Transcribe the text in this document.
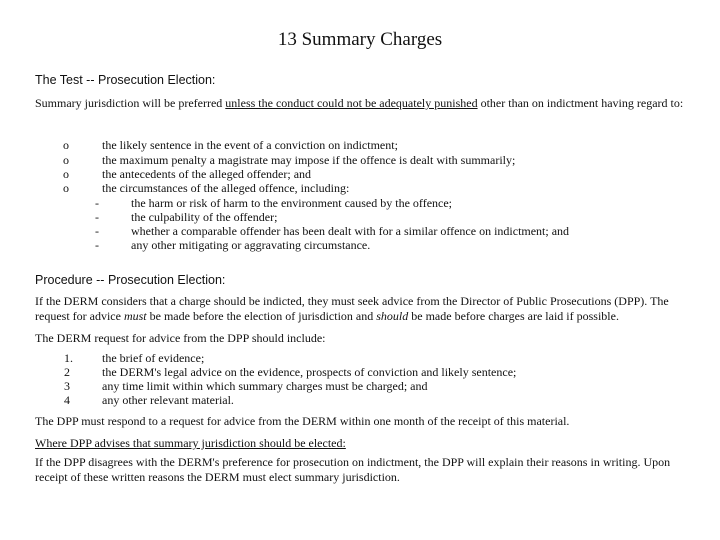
13 Summary Charges
The Test -- Prosecution Election:
Summary jurisdiction will be preferred unless the conduct could not be adequately punished other than on indictment having regard to:
o	the likely sentence in the event of a conviction on indictment;
o	the maximum penalty a magistrate may impose if the offence is dealt with summarily;
o	the antecedents of the alleged offender; and
o	the circumstances of the alleged offence, including:
-	the harm or risk of harm to the environment caused by the offence;
-	the culpability of the offender;
-	whether a comparable offender has been dealt with for a similar offence on indictment; and
-	any other mitigating or aggravating circumstance.
Procedure -- Prosecution Election:
If the DERM considers that a charge should be indicted, they must seek advice from the Director of Public Prosecutions (DPP). The request for advice must be made before the election of jurisdiction and should be made before charges are laid if possible.
The DERM request for advice from the DPP should include:
1. the brief of evidence;
2	the DERM's legal advice on the evidence, prospects of conviction and likely sentence;
3	any time limit within which summary charges must be charged; and
4	any other relevant material.
The DPP must respond to a request for advice from the DERM within one month of the receipt of this material.
Where DPP advises that summary jurisdiction should be elected:
If the DPP disagrees with the DERM's preference for prosecution on indictment, the DPP will explain their reasons in writing. Upon receipt of these written reasons the DERM must elect summary jurisdiction.
